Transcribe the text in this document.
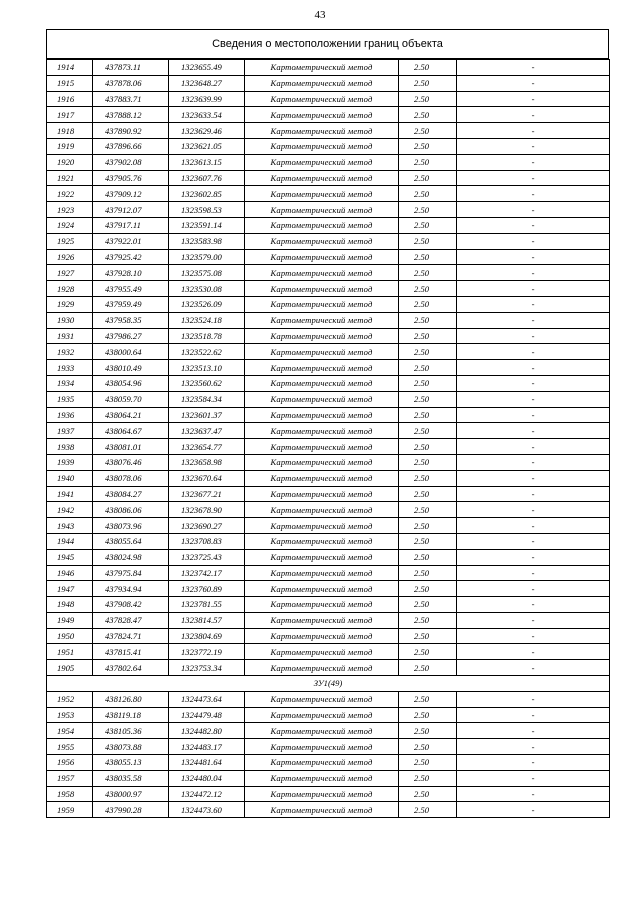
43
Сведения о местоположении границ объекта
1914	437873.11	1323655.49	Картометрический метод	2.50	-
1915	437878.06	1323648.27	Картометрический метод	2.50	-
1916	437883.71	1323639.99	Картометрический метод	2.50	-
1917	437888.12	1323633.54	Картометрический метод	2.50	-
1918	437890.92	1323629.46	Картометрический метод	2.50	-
1919	437896.66	1323621.05	Картометрический метод	2.50	-
1920	437902.08	1323613.15	Картометрический метод	2.50	-
1921	437905.76	1323607.76	Картометрический метод	2.50	-
1922	437909.12	1323602.85	Картометрический метод	2.50	-
1923	437912.07	1323598.53	Картометрический метод	2.50	-
1924	437917.11	1323591.14	Картометрический метод	2.50	-
1925	437922.01	1323583.98	Картометрический метод	2.50	-
1926	437925.42	1323579.00	Картометрический метод	2.50	-
1927	437928.10	1323575.08	Картометрический метод	2.50	-
1928	437955.49	1323530.08	Картометрический метод	2.50	-
1929	437959.49	1323526.09	Картометрический метод	2.50	-
1930	437958.35	1323524.18	Картометрический метод	2.50	-
1931	437986.27	1323518.78	Картометрический метод	2.50	-
1932	438000.64	1323522.62	Картометрический метод	2.50	-
1933	438010.49	1323513.10	Картометрический метод	2.50	-
1934	438054.96	1323560.62	Картометрический метод	2.50	-
1935	438059.70	1323584.34	Картометрический метод	2.50	-
1936	438064.21	1323601.37	Картометрический метод	2.50	-
1937	438064.67	1323637.47	Картометрический метод	2.50	-
1938	438081.01	1323654.77	Картометрический метод	2.50	-
1939	438076.46	1323658.98	Картометрический метод	2.50	-
1940	438078.06	1323670.64	Картометрический метод	2.50	-
1941	438084.27	1323677.21	Картометрический метод	2.50	-
1942	438086.06	1323678.90	Картометрический метод	2.50	-
1943	438073.96	1323690.27	Картометрический метод	2.50	-
1944	438055.64	1323708.83	Картометрический метод	2.50	-
1945	438024.98	1323725.43	Картометрический метод	2.50	-
1946	437975.84	1323742.17	Картометрический метод	2.50	-
1947	437934.94	1323760.89	Картометрический метод	2.50	-
1948	437908.42	1323781.55	Картометрический метод	2.50	-
1949	437828.47	1323814.57	Картометрический метод	2.50	-
1950	437824.71	1323804.69	Картометрический метод	2.50	-
1951	437815.41	1323772.19	Картометрический метод	2.50	-
1905	437802.64	1323753.34	Картометрический метод	2.50	-
ЗУ1(49)					
1952	438126.80	1324473.64	Картометрический метод	2.50	-
1953	438119.18	1324479.48	Картометрический метод	2.50	-
1954	438105.36	1324482.80	Картометрический метод	2.50	-
1955	438073.88	1324483.17	Картометрический метод	2.50	-
1956	438055.13	1324481.64	Картометрический метод	2.50	-
1957	438035.58	1324480.04	Картометрический метод	2.50	-
1958	438000.97	1324472.12	Картометрический метод	2.50	-
1959	437990.28	1324473.60	Картометрический метод	2.50	-
